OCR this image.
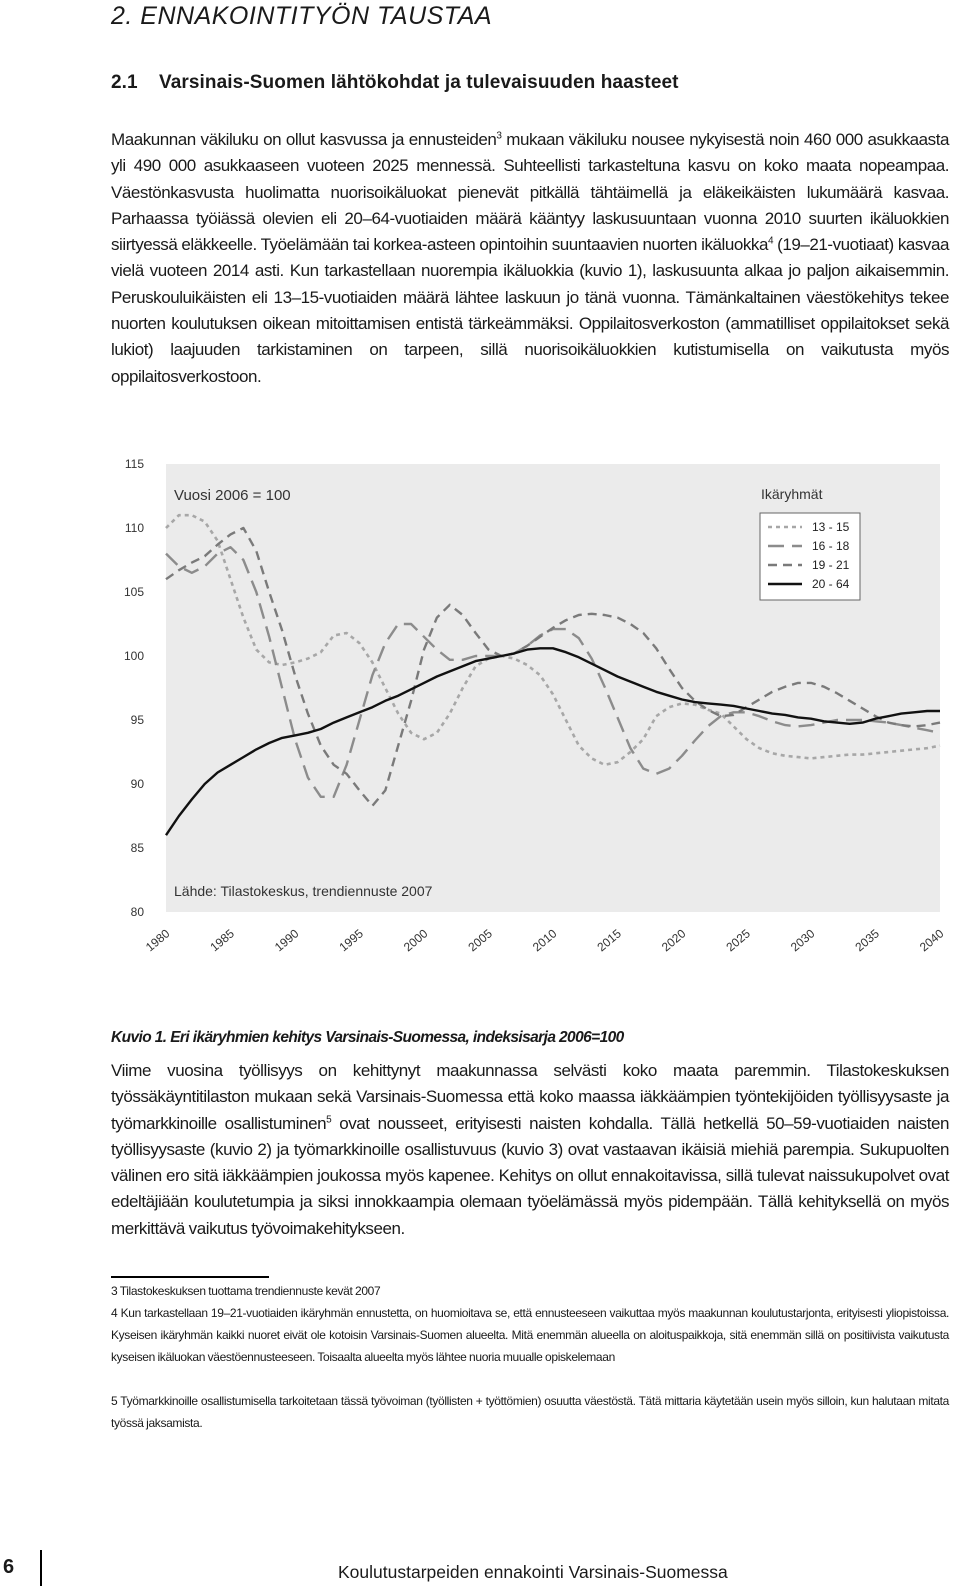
2. ENNAKOINTITYÖN TAUSTAA
2.1 Varsinais-Suomen lähtökohdat ja tulevaisuuden haasteet

Maakunnan väkiluku on ollut kasvussa ja ennusteiden$^3$ mukaan väkiluku nousee nykyisestä noin 460 000 asukkaasta yli 490 000 asukkaaseen vuoteen 2025 mennessä. Suhteellisti tarkasteltuna kasvu on koko maata nopeampaa. Väestönkasvusta huolimatta nuorisoikäluokat pienevät pitkällä tähtäimellä ja eläkeikäisten lukumäärä kasvaa. Parhaassa työiässä olevien eli 20–64-vuotiaiden määrä kääntyy laskusuuntaan vuonna 2010 suurten ikäluokkien siirtyessä eläkkeelle. Työelämään tai korkea-asteen opintoihin suuntaavien nuorten ikäluokka$^4$ (19–21-vuotiaat) kasvaa vielä vuoteen 2014 asti. Kun tarkastellaan nuorempia ikäluokkia (kuvio 1), laskusuunta alkaa jo paljon aikaisemmin. Peruskouluikäisten eli 13–15-vuotiaiden määrä lähtee laskuun jo tänä vuonna. Tämänkaltainen väestökehitys tekee nuorten koulutuksen oikean mitoittamisen entistä tärkeämmäksi. Oppilaitosverkoston (ammatilliset oppilaitokset sekä lukiot) laajuuden tarkistaminen on tarpeen, sillä nuorisoikäluokkien kutistumisella on vaikutusta myös oppilaitosverkostoon.

80
85
90
95
100
105
110
115
1980	1985	1990	1995	2000	2005	2010	2015	2020	2025	2030	2035	2040
Vuosi 2006 = 100
Lähde: Tilastokeskus, trendiennuste 2007
Ikäryhmät
13 - 15
16 - 18
19 - 21
20 - 64

Kuvio 1. Eri ikäryhmien kehitys Varsinais-Suomessa, indeksisarja 2006=100

Viime vuosina työllisyys on kehittynyt maakunnassa selvästi koko maata paremmin. Tilastokeskuksen työssäkäyntitilaston mukaan sekä Varsinais-Suomessa että koko maassa iäkkäämpien työntekijöiden työllisyysaste ja työmarkkinoille osallistuminen$^5$ ovat nousseet, erityisesti naisten kohdalla. Tällä hetkellä 50–59-vuotiaiden naisten työllisyysaste (kuvio 2) ja työmarkkinoille osallistuvuus (kuvio 3) ovat vastaavan ikäisiä miehiä parempia. Sukupuolten välinen ero sitä iäkkäämpien joukossa myös kapenee. Kehitys on ollut ennakoitavissa, sillä tulevat naissukupolvet ovat edeltäjiään koulutetumpia ja siksi innokkaampia olemaan työelämässä myös pidempään. Tällä kehityksellä on myös merkittävä vaikutus työvoimakehitykseen.

3 Tilastokeskuksen tuottama trendiennuste kevät 2007

4 Kun tarkastellaan 19–21-vuotiaiden ikäryhmän ennustetta, on huomioitava se, että ennusteeseen vaikuttaa myös maakunnan koulutustarjonta, erityisesti yliopistoissa. Kyseisen ikäryhmän kaikki nuoret eivät ole kotoisin Varsinais-Suomen alueelta. Mitä enemmän alueella on aloituspaikkoja, sitä enemmän sillä on positiivista vaikutusta kyseisen ikäluokan väestöennusteeseen. Toisaalta alueelta myös lähtee nuoria muualle opiskelemaan

5 Työmarkkinoille osallistumisella tarkoitetaan tässä työvoiman (työllisten + työttömien) osuutta väestöstä. Tätä mittaria käytetään usein myös silloin, kun halutaan mitata työssä jaksamista.

6	Koulutustarpeiden ennakointi Varsinais-Suomessa
